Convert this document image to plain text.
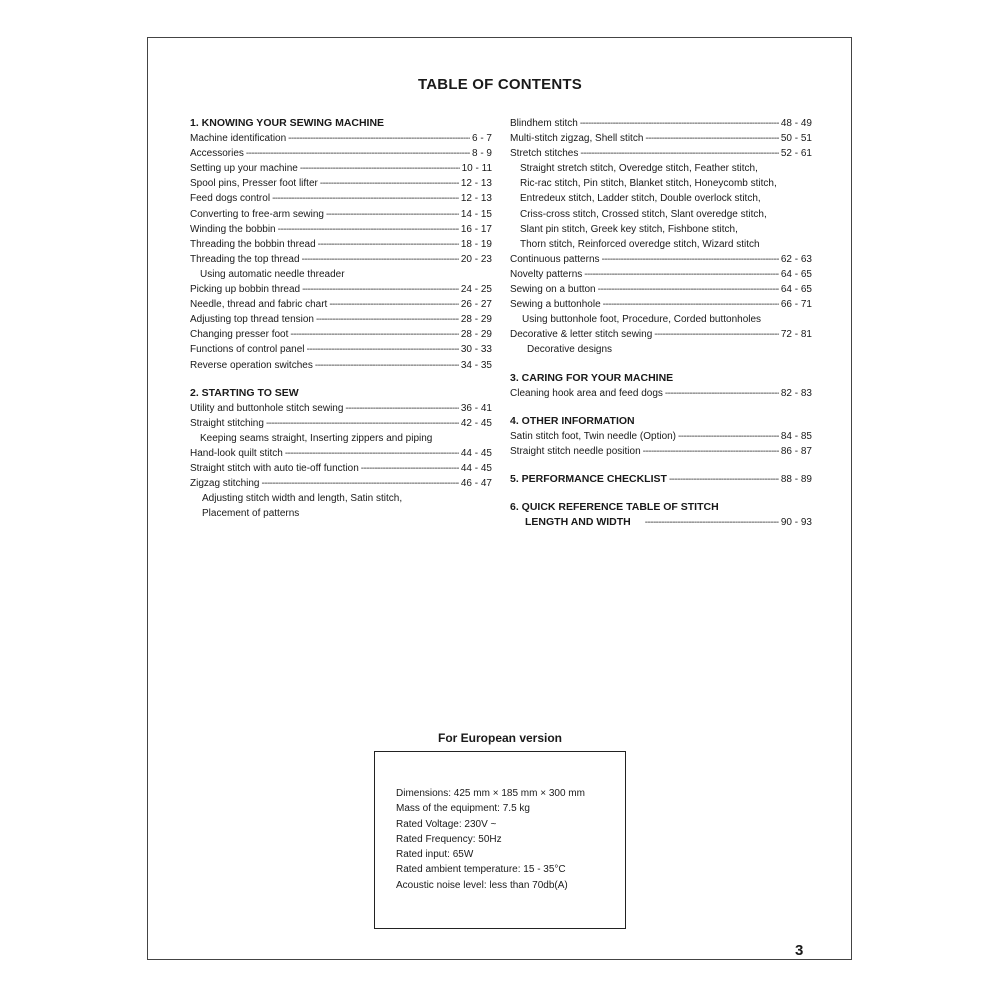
TABLE OF CONTENTS
1. KNOWING YOUR SEWING MACHINE
Machine identification -----	6 - 7
Accessories -----	8 - 9
Setting up your machine -----	10 - 11
Spool pins, Presser foot lifter -----	12 - 13
Feed dogs control -----	12 - 13
Converting to free-arm sewing -----	14 - 15
Winding the bobbin -----	16 - 17
Threading the bobbin thread -----	18 - 19
Threading the top thread -----	20 - 23
Using automatic needle threader
Picking up bobbin thread -----	24 - 25
Needle, thread and fabric chart -----	26 - 27
Adjusting top thread tension -----	28 - 29
Changing presser foot -----	28 - 29
Functions of control panel -----	30 - 33
Reverse operation switches -----	34 - 35
2. STARTING TO SEW
Utility and buttonhole stitch sewing -----	36 - 41
Straight stitching -----	42 - 45
Keeping seams straight, Inserting zippers and piping
Hand-look quilt stitch -----	44 - 45
Straight stitch with auto tie-off function -----	44 - 45
Zigzag stitching -----	46 - 47
Adjusting stitch width and length, Satin stitch,
Placement of patterns
Blindhem stitch -----	48 - 49
Multi-stitch zigzag, Shell stitch -----	50 - 51
Stretch stitches -----	52 - 61
Straight stretch stitch, Overedge stitch, Feather stitch,
Ric-rac stitch, Pin stitch, Blanket stitch, Honeycomb stitch,
Entredeux stitch, Ladder stitch, Double overlock stitch,
Criss-cross stitch, Crossed stitch, Slant overedge stitch,
Slant pin stitch, Greek key stitch, Fishbone stitch,
Thorn stitch, Reinforced overedge stitch, Wizard stitch
Continuous patterns -----	62 - 63
Novelty patterns -----	64 - 65
Sewing on a button -----	64 - 65
Sewing a buttonhole -----	66 - 71
Using buttonhole foot, Procedure, Corded buttonholes
Decorative & letter stitch sewing -----	72 - 81
Decorative designs
3. CARING FOR YOUR MACHINE
Cleaning hook area and feed dogs -----	82 - 83
4. OTHER INFORMATION
Satin stitch foot, Twin needle (Option) -----	84 - 85
Straight stitch needle position -----	86 - 87
5. PERFORMANCE CHECKLIST -----	88 - 89
6. QUICK REFERENCE TABLE OF STITCH
LENGTH AND WIDTH -----	90 - 93
For European version
Dimensions: 425 mm × 185 mm × 300 mm
Mass of the equipment: 7.5 kg
Rated Voltage: 230V ~
Rated Frequency: 50Hz
Rated input: 65W
Rated ambient temperature: 15 - 35°C
Acoustic noise level: less than 70db(A)
3
